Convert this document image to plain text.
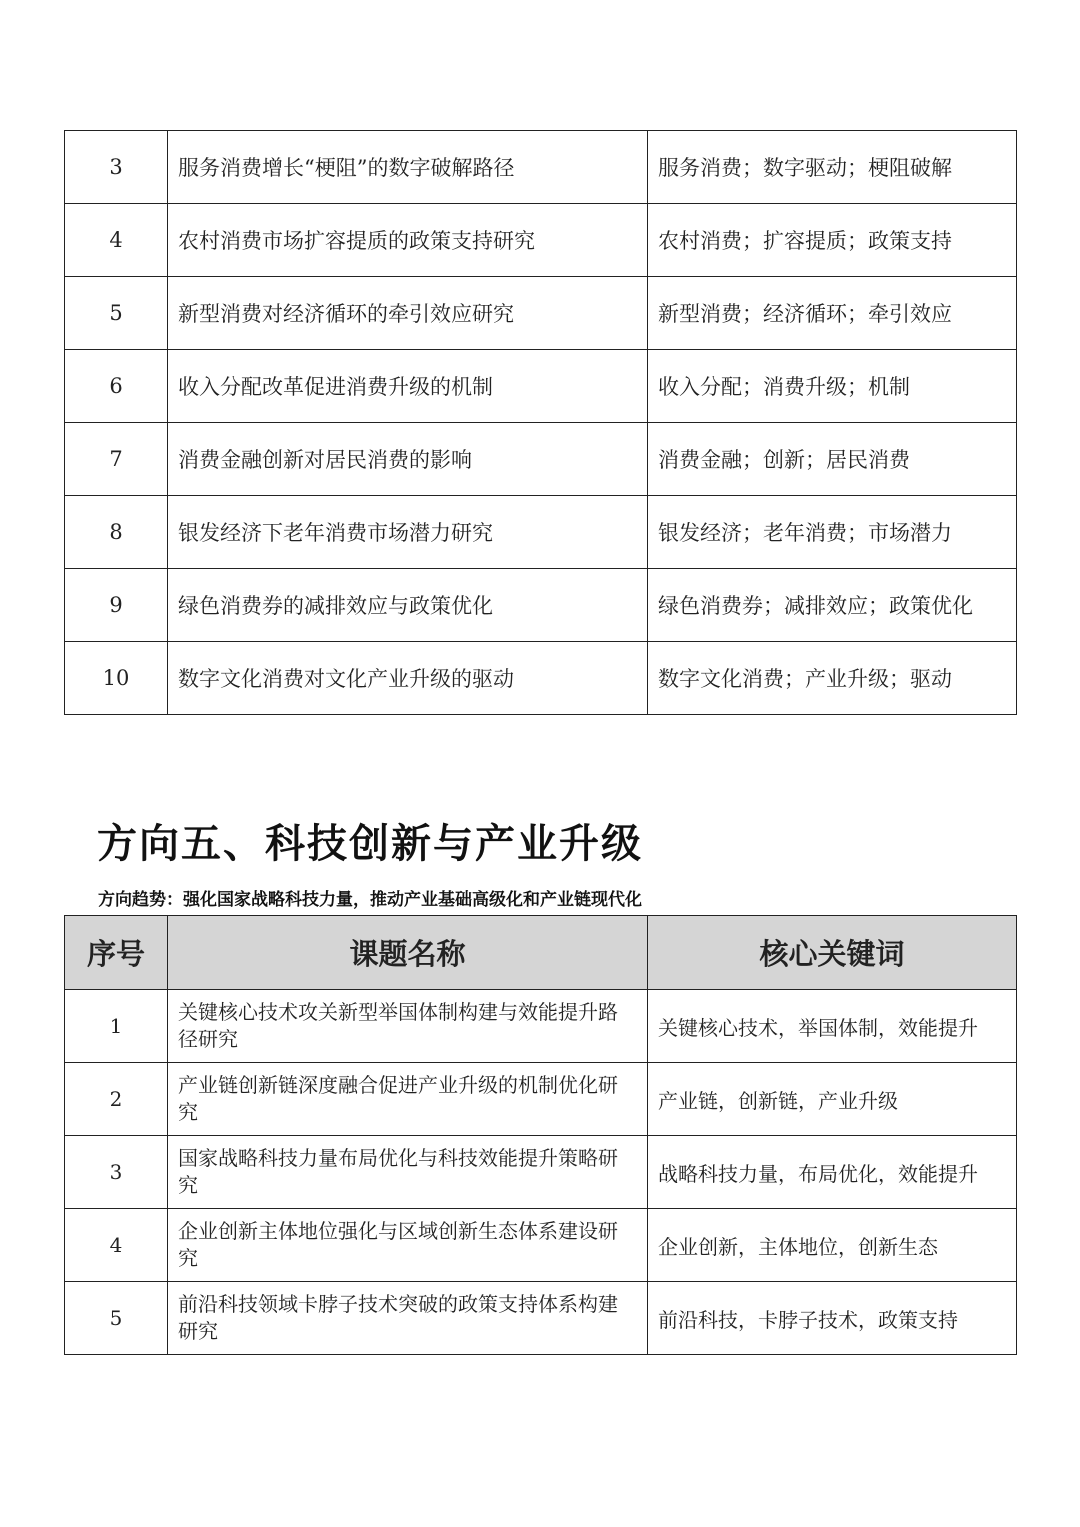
3	服务消费增长“梗阻”的数字破解路径	服务消费；数字驱动；梗阻破解
4	农村消费市场扩容提质的政策支持研究	农村消费；扩容提质；政策支持
5	新型消费对经济循环的牵引效应研究	新型消费；经济循环；牵引效应
6	收入分配改革促进消费升级的机制	收入分配；消费升级；机制
7	消费金融创新对居民消费的影响	消费金融；创新；居民消费
8	银发经济下老年消费市场潜力研究	银发经济；老年消费；市场潜力
9	绿色消费券的减排效应与政策优化	绿色消费券；减排效应；政策优化
10	数字文化消费对文化产业升级的驱动	数字文化消费；产业升级；驱动
方向五、科技创新与产业升级

方向趋势：强化国家战略科技力量，推动产业基础高级化和产业链现代化

序号	课题名称	核心关键词
1	关键核心技术攻关新型举国体制构建与效能提升路径研究	关键核心技术，举国体制，效能提升
2	产业链创新链深度融合促进产业升级的机制优化研究	产业链，创新链，产业升级
3	国家战略科技力量布局优化与科技效能提升策略研究	战略科技力量，布局优化，效能提升
4	企业创新主体地位强化与区域创新生态体系建设研究	企业创新，主体地位，创新生态
5	前沿科技领域卡脖子技术突破的政策支持体系构建研究	前沿科技，卡脖子技术，政策支持
